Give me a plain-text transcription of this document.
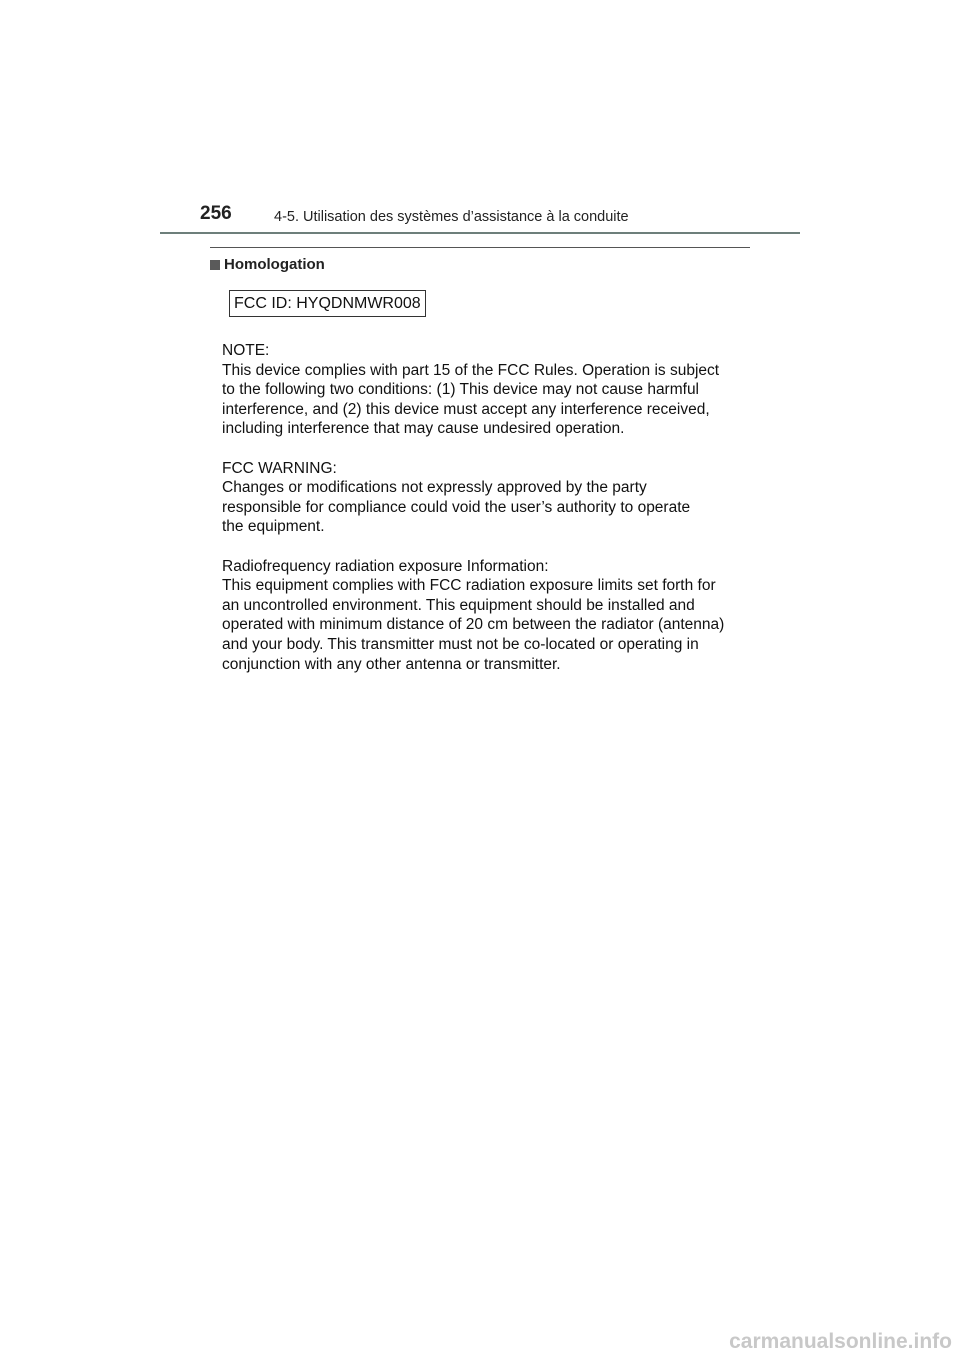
256	4-5. Utilisation des systèmes d’assistance à la conduite
Homologation
FCC ID: HYQDNMWR008

NOTE:
This device complies with part 15 of the FCC Rules. Operation is subject
to the following two conditions: (1) This device may not cause harmful
interference, and (2) this device must accept any interference received,
including interference that may cause undesired operation.

FCC WARNING:
Changes or modifications not expressly approved by the party
responsible for compliance could void the user’s authority to operate
the equipment.

Radiofrequency radiation exposure Information:
This equipment complies with FCC radiation exposure limits set forth for
an uncontrolled environment. This equipment should be installed and
operated with minimum distance of 20 cm between the radiator (antenna)
and your body. This transmitter must not be co-located or operating in
conjunction with any other antenna or transmitter.

carmanualsonline.info
